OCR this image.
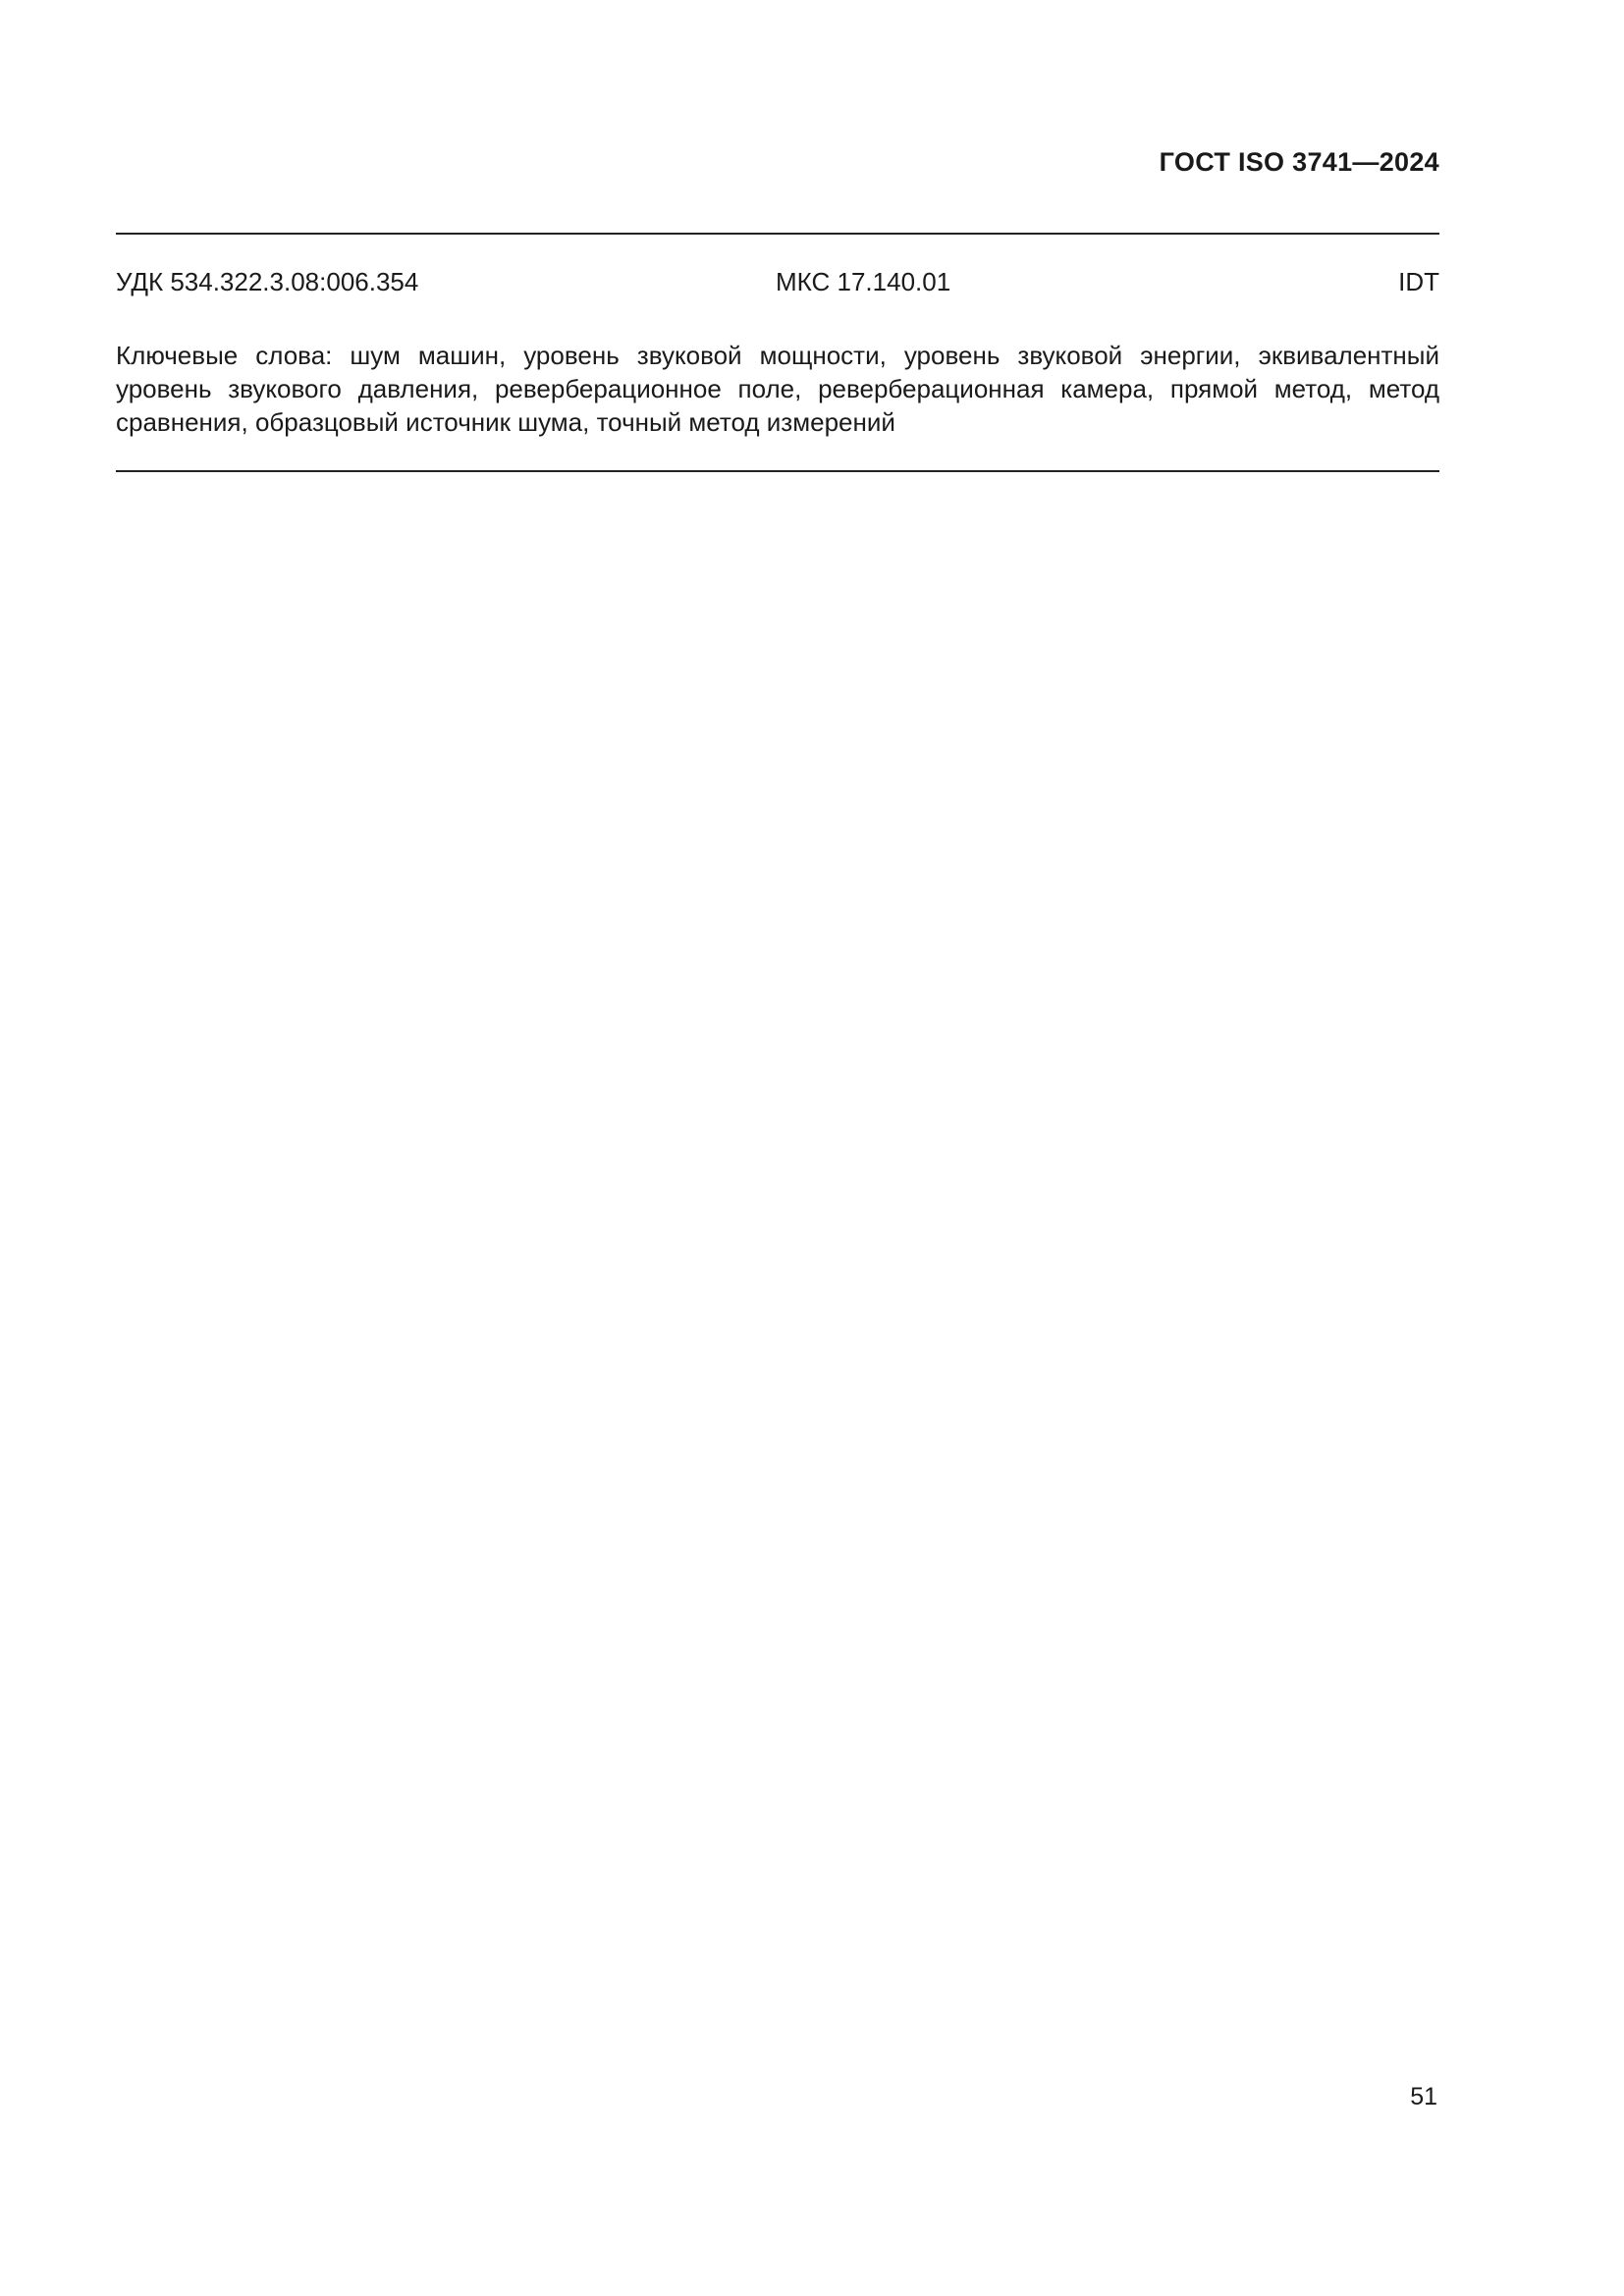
ГОСТ ISO 3741—2024
УДК 534.322.3.08:006.354	МКС 17.140.01	IDT
Ключевые слова: шум машин, уровень звуковой мощности, уровень звуковой энергии, эквивалентный
уровень звукового давления, реверберационное поле, реверберационная камера, прямой метод, метод
сравнения, образцовый источник шума, точный метод измерений
51
